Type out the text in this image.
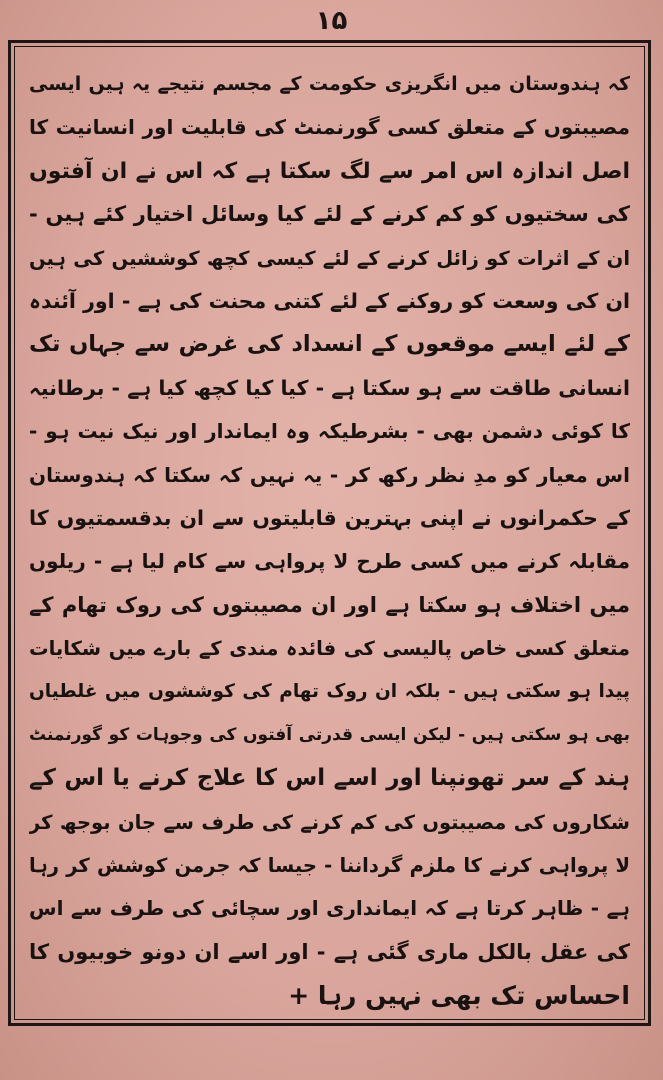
۱۵
کہ ہندوستان میں انگریزی حکومت کے مجسم نتیجے یہ ہیں ایسی
مصیبتوں کے متعلق کسی گورنمنٹ کی قابلیت اور انسانیت کا
اصل اندازہ اس امر سے لگ سکتا ہے کہ اس نے ان آفتوں
کی سختیوں کو کم کرنے کے لئے کیا وسائل اختیار کئے ہیں -
ان کے اثرات کو زائل کرنے کے لئے کیسی کچھ کوششیں کی ہیں
ان کی وسعت کو روکنے کے لئے کتنی محنت کی ہے - اور آئندہ
کے لئے ایسے موقعوں کے انسداد کی غرض سے جہاں تک
انسانی طاقت سے ہو سکتا ہے - کیا کیا کچھ کیا ہے - برطانیہ
کا کوئی دشمن بھی - بشرطیکہ وہ ایماندار اور نیک نیت ہو -
اس معیار کو مدِ نظر رکھ کر - یہ نہیں کہ سکتا کہ ہندوستان
کے حکمرانوں نے اپنی بہترین قابلیتوں سے ان بدقسمتیوں کا
مقابلہ کرنے میں کسی طرح لا پرواہی سے کام لیا ہے - ریلوں
میں اختلاف ہو سکتا ہے اور ان مصیبتوں کی روک تھام کے
متعلق کسی خاص پالیسی کی فائدہ مندی کے بارے میں شکایات
پیدا ہو سکتی ہیں - بلکہ ان روک تھام کی کوششوں میں غلطیاں
بھی ہو سکتی ہیں - لیکن ایسی قدرتی آفتوں کی وجوہات کو گورنمنٹ
ہند کے سر تھونپنا اور اسے اس کا علاج کرنے یا اس کے
شکاروں کی مصیبتوں کی کم کرنے کی طرف سے جان بوجھ کر
لا پرواہی کرنے کا ملزم گرداننا - جیسا کہ جرمن کوشش کر رہا
ہے - ظاہر کرتا ہے کہ ایمانداری اور سچائی کی طرف سے اس
کی عقل بالکل ماری گئی ہے - اور اسے ان دونو خوبیوں کا
احساس تک بھی نہیں رہا +
